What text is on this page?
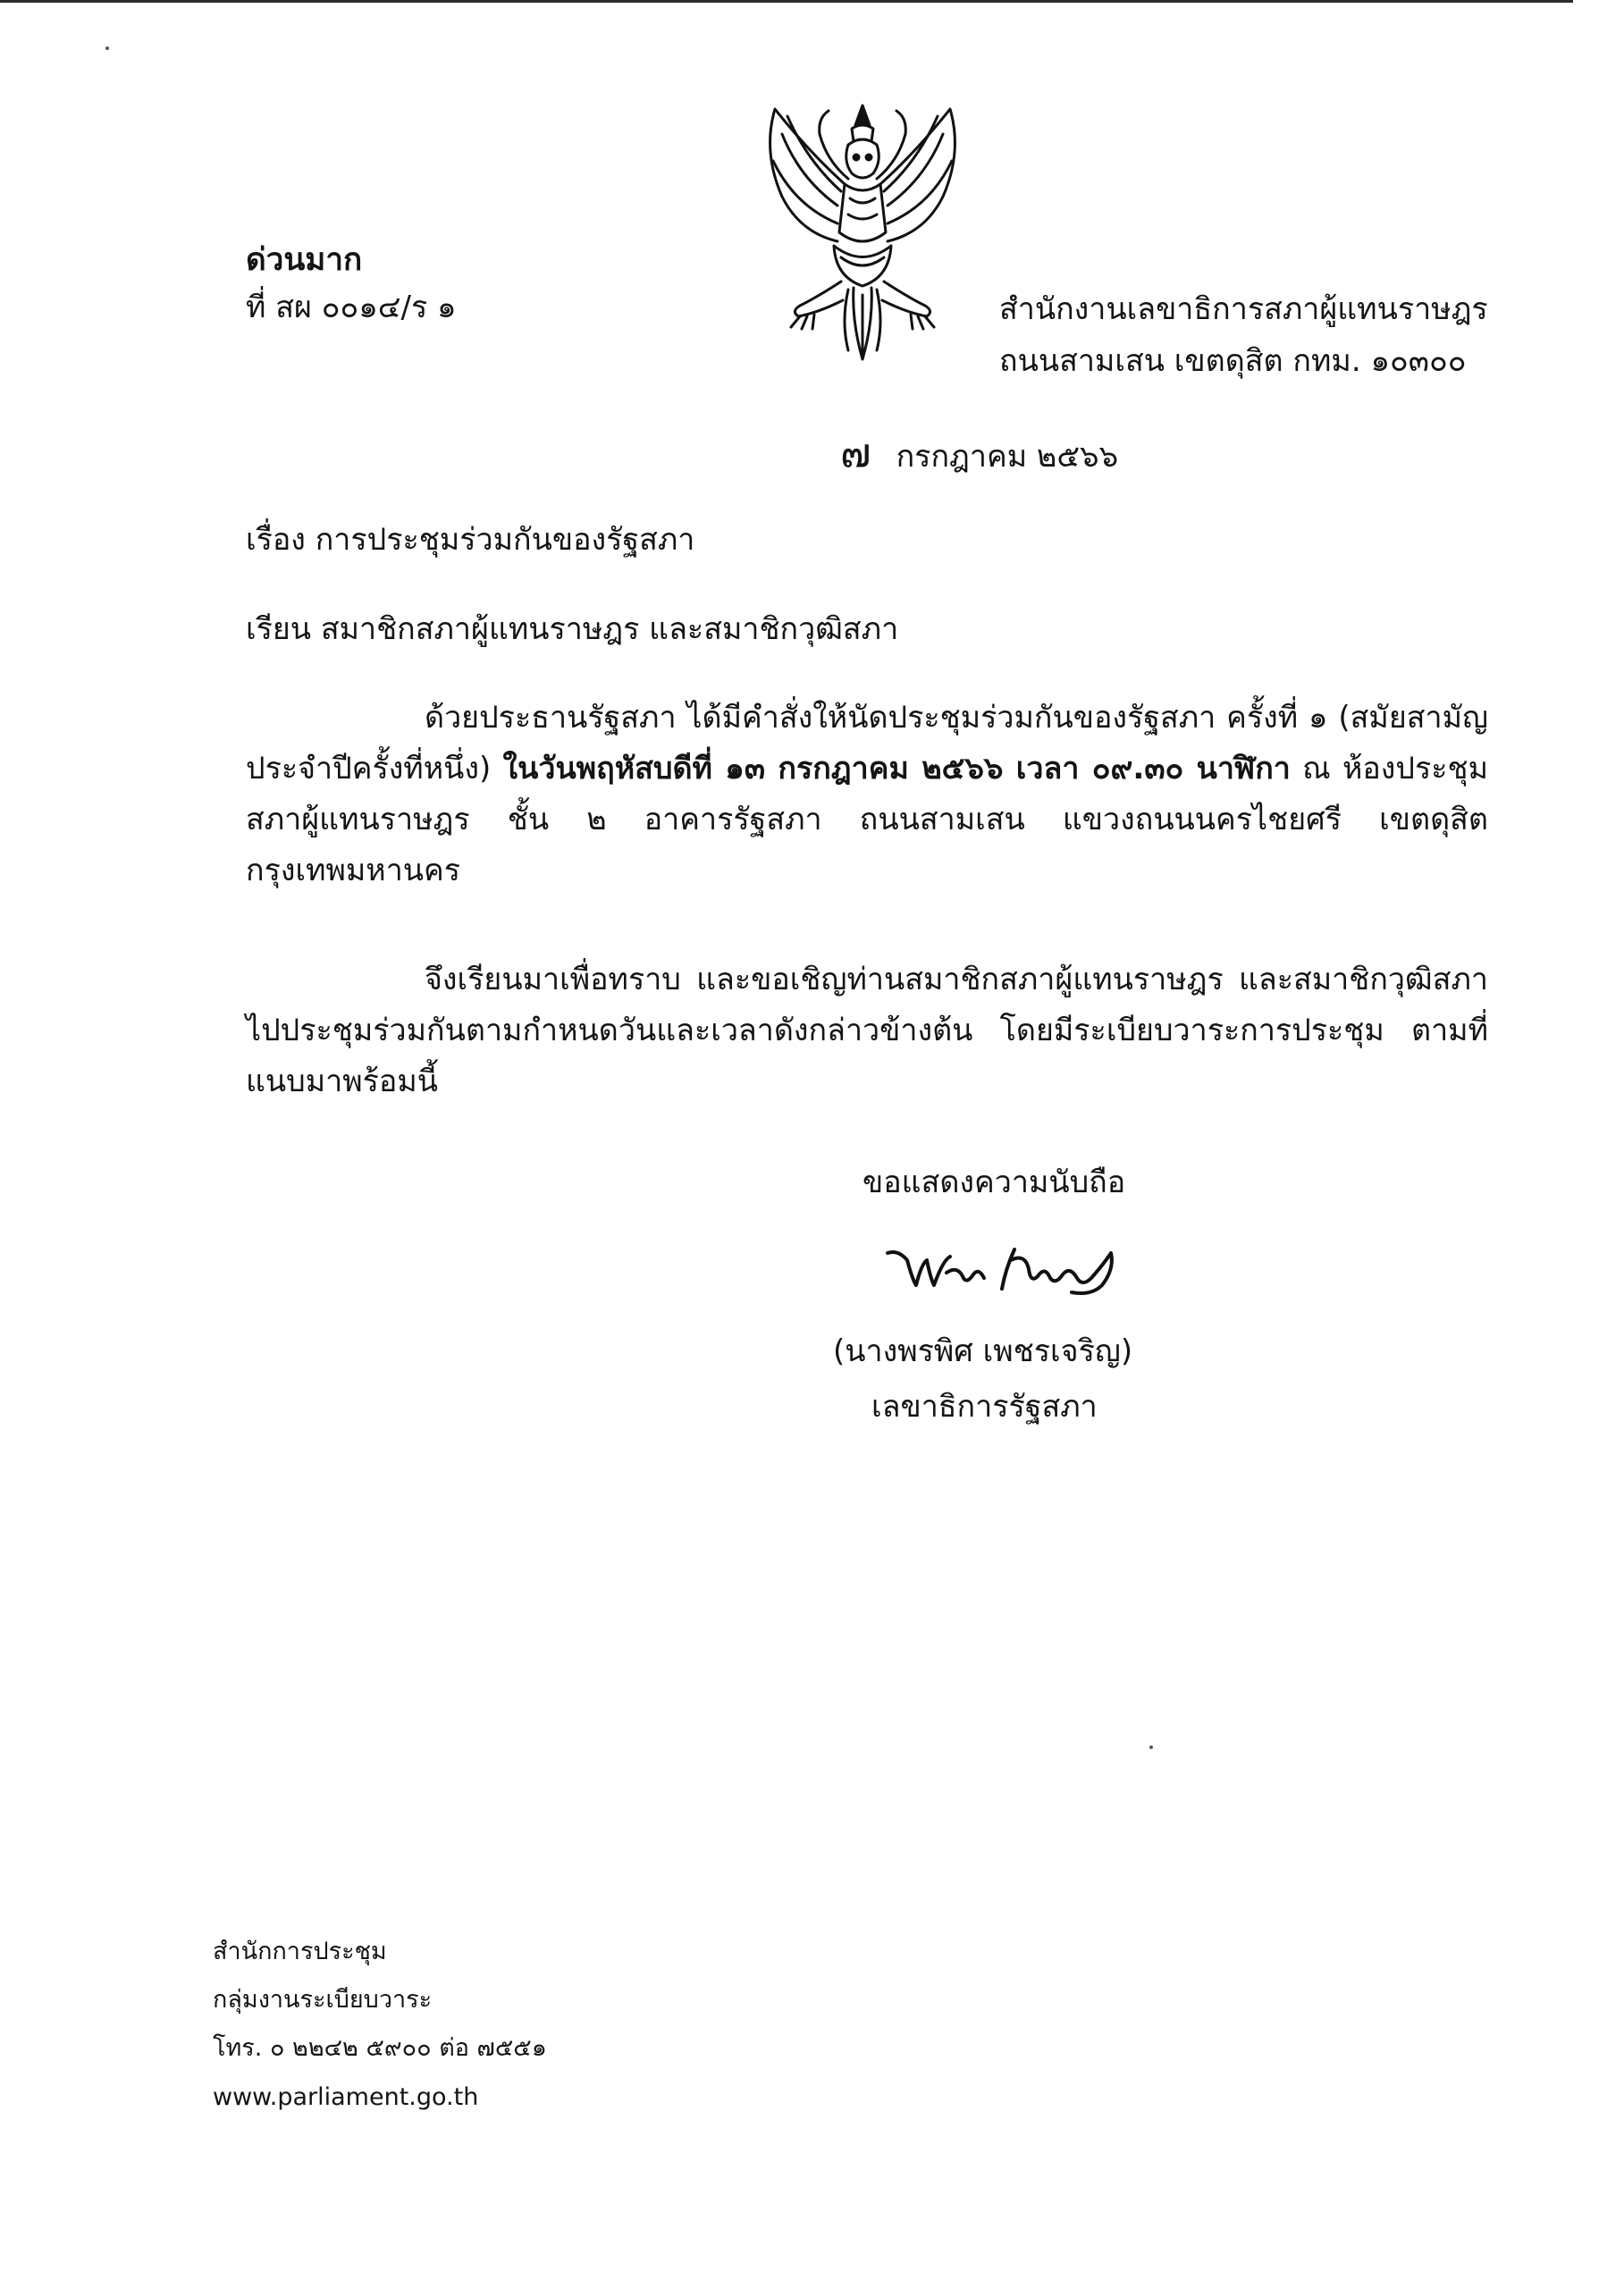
ด่วนมาก
ที่ สผ ๐๐๑๔/ร ๑	สำนักงานเลขาธิการสภาผู้แทนราษฎร
ถนนสามเสน เขตดุสิต กทม. ๑๐๓๐๐
๗ กรกฎาคม ๒๕๖๖
เรื่อง การประชุมร่วมกันของรัฐสภา
เรียน สมาชิกสภาผู้แทนราษฎร และสมาชิกวุฒิสภา
ด้วยประธานรัฐสภา ได้มีคำสั่งให้นัดประชุมร่วมกันของรัฐสภา ครั้งที่ ๑ (สมัยสามัญประจำปีครั้งที่หนึ่ง) ในวันพฤหัสบดีที่ ๑๓ กรกฎาคม ๒๕๖๖ เวลา ๐๙.๓๐ นาฬิกา ณ ห้องประชุมสภาผู้แทนราษฎร ชั้น ๒ อาคารรัฐสภา ถนนสามเสน แขวงถนนนครไชยศรี เขตดุสิต กรุงเทพมหานคร
จึงเรียนมาเพื่อทราบ และขอเชิญท่านสมาชิกสภาผู้แทนราษฎร และสมาชิกวุฒิสภา ไปประชุมร่วมกันตามกำหนดวันและเวลาดังกล่าวข้างต้น โดยมีระเบียบวาระการประชุม ตามที่แนบมาพร้อมนี้
ขอแสดงความนับถือ
(นางพรพิศ เพชรเจริญ)
เลขาธิการรัฐสภา
สำนักการประชุม
กลุ่มงานระเบียบวาระ
โทร. ๐ ๒๒๔๒ ๕๙๐๐ ต่อ ๗๕๕๑
www.parliament.go.th
